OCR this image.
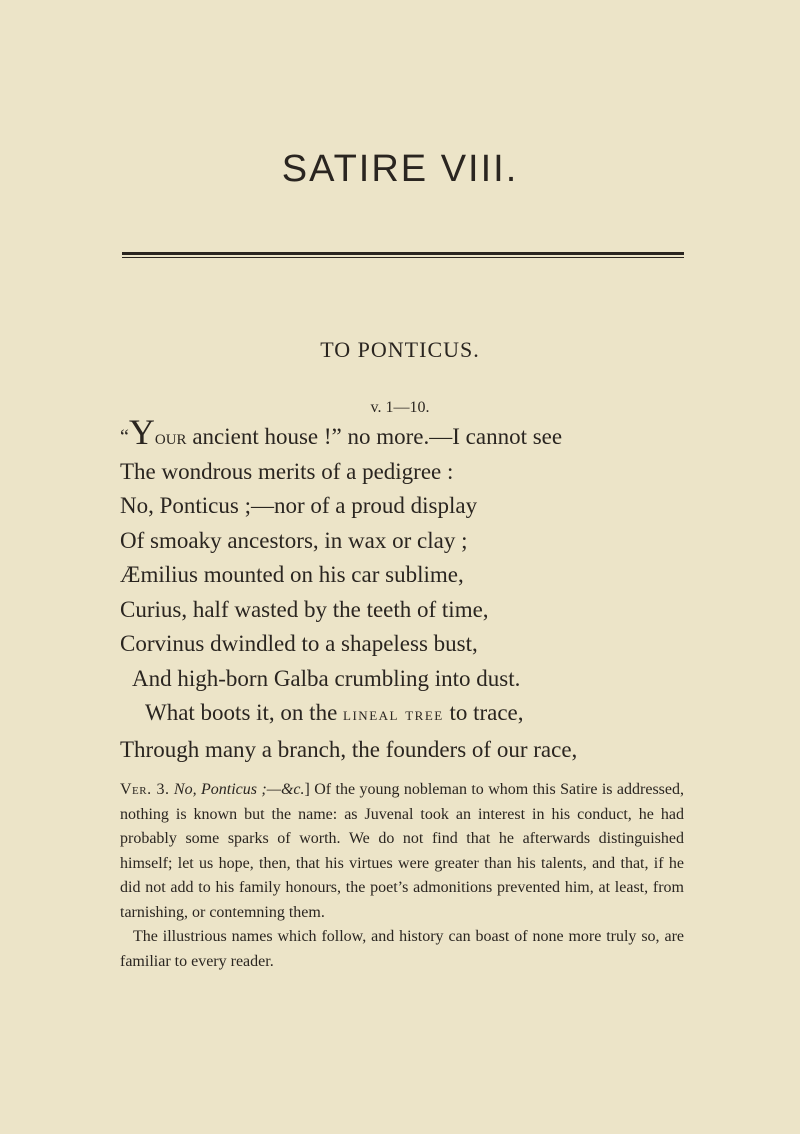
SATIRE VIII.
TO PONTICUS.
v. 1—10.
“Your ancient house !” no more.—I cannot see
The wondrous merits of a pedigree :
No, Ponticus ;—nor of a proud display
Of smoaky ancestors, in wax or clay ;
Æmilius mounted on his car sublime,
Curius, half wasted by the teeth of time,
Corvinus dwindled to a shapeless bust,
And high-born Galba crumbling into dust.
What boots it, on the lineal tree to trace,
Through many a branch, the founders of our race,

Ver. 3. No, Ponticus ;—&c.] Of the young nobleman to whom this Satire is addressed, nothing is known but the name: as Juvenal took an interest in his conduct, he had probably some sparks of worth. We do not find that he afterwards distinguished himself; let us hope, then, that his virtues were greater than his talents, and that, if he did not add to his family honours, the poet’s admonitions prevented him, at least, from tarnishing, or contemning them.

The illustrious names which follow, and history can boast of none more truly so, are familiar to every reader.
